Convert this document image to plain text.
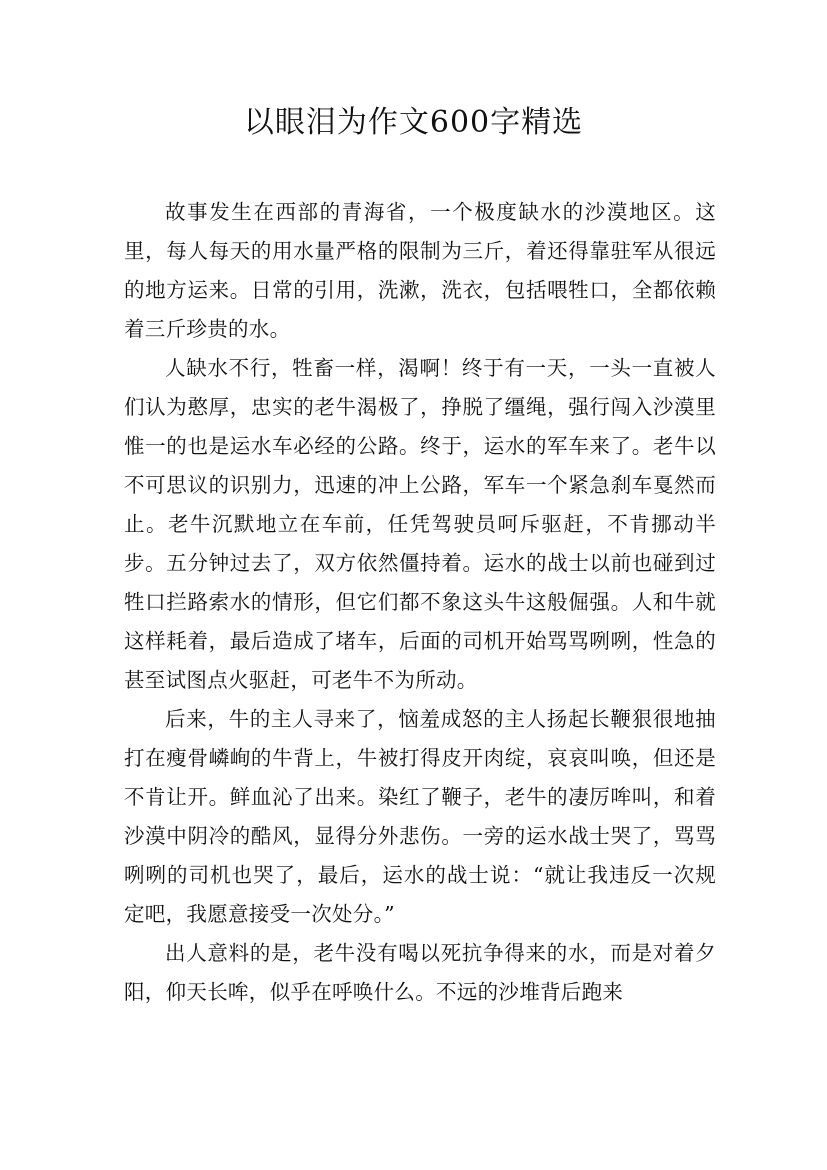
以眼泪为作文600字精选

故事发生在西部的青海省，一个极度缺水的沙漠地区。这里，每人每天的用水量严格的限制为三斤，着还得靠驻军从很远的地方运来。日常的引用，洗漱，洗衣，包括喂牲口，全都依赖着三斤珍贵的水。

人缺水不行，牲畜一样，渴啊！终于有一天，一头一直被人们认为憨厚，忠实的老牛渴极了，挣脱了缰绳，强行闯入沙漠里惟一的也是运水车必经的公路。终于，运水的军车来了。老牛以不可思议的识别力，迅速的冲上公路，军车一个紧急刹车戛然而止。老牛沉默地立在车前，任凭驾驶员呵斥驱赶，不肯挪动半步。五分钟过去了，双方依然僵持着。运水的战士以前也碰到过牲口拦路索水的情形，但它们都不象这头牛这般倔强。人和牛就这样耗着，最后造成了堵车，后面的司机开始骂骂咧咧，性急的甚至试图点火驱赶，可老牛不为所动。

后来，牛的主人寻来了，恼羞成怒的主人扬起长鞭狠很地抽打在瘦骨嶙峋的牛背上，牛被打得皮开肉绽，哀哀叫唤，但还是不肯让开。鲜血沁了出来。染红了鞭子，老牛的凄厉哞叫，和着沙漠中阴冷的酷风，显得分外悲伤。一旁的运水战士哭了，骂骂咧咧的司机也哭了，最后，运水的战士说：“就让我违反一次规定吧，我愿意接受一次处分。”

出人意料的是，老牛没有喝以死抗争得来的水，而是对着夕阳，仰天长哞，似乎在呼唤什么。不远的沙堆背后跑来
